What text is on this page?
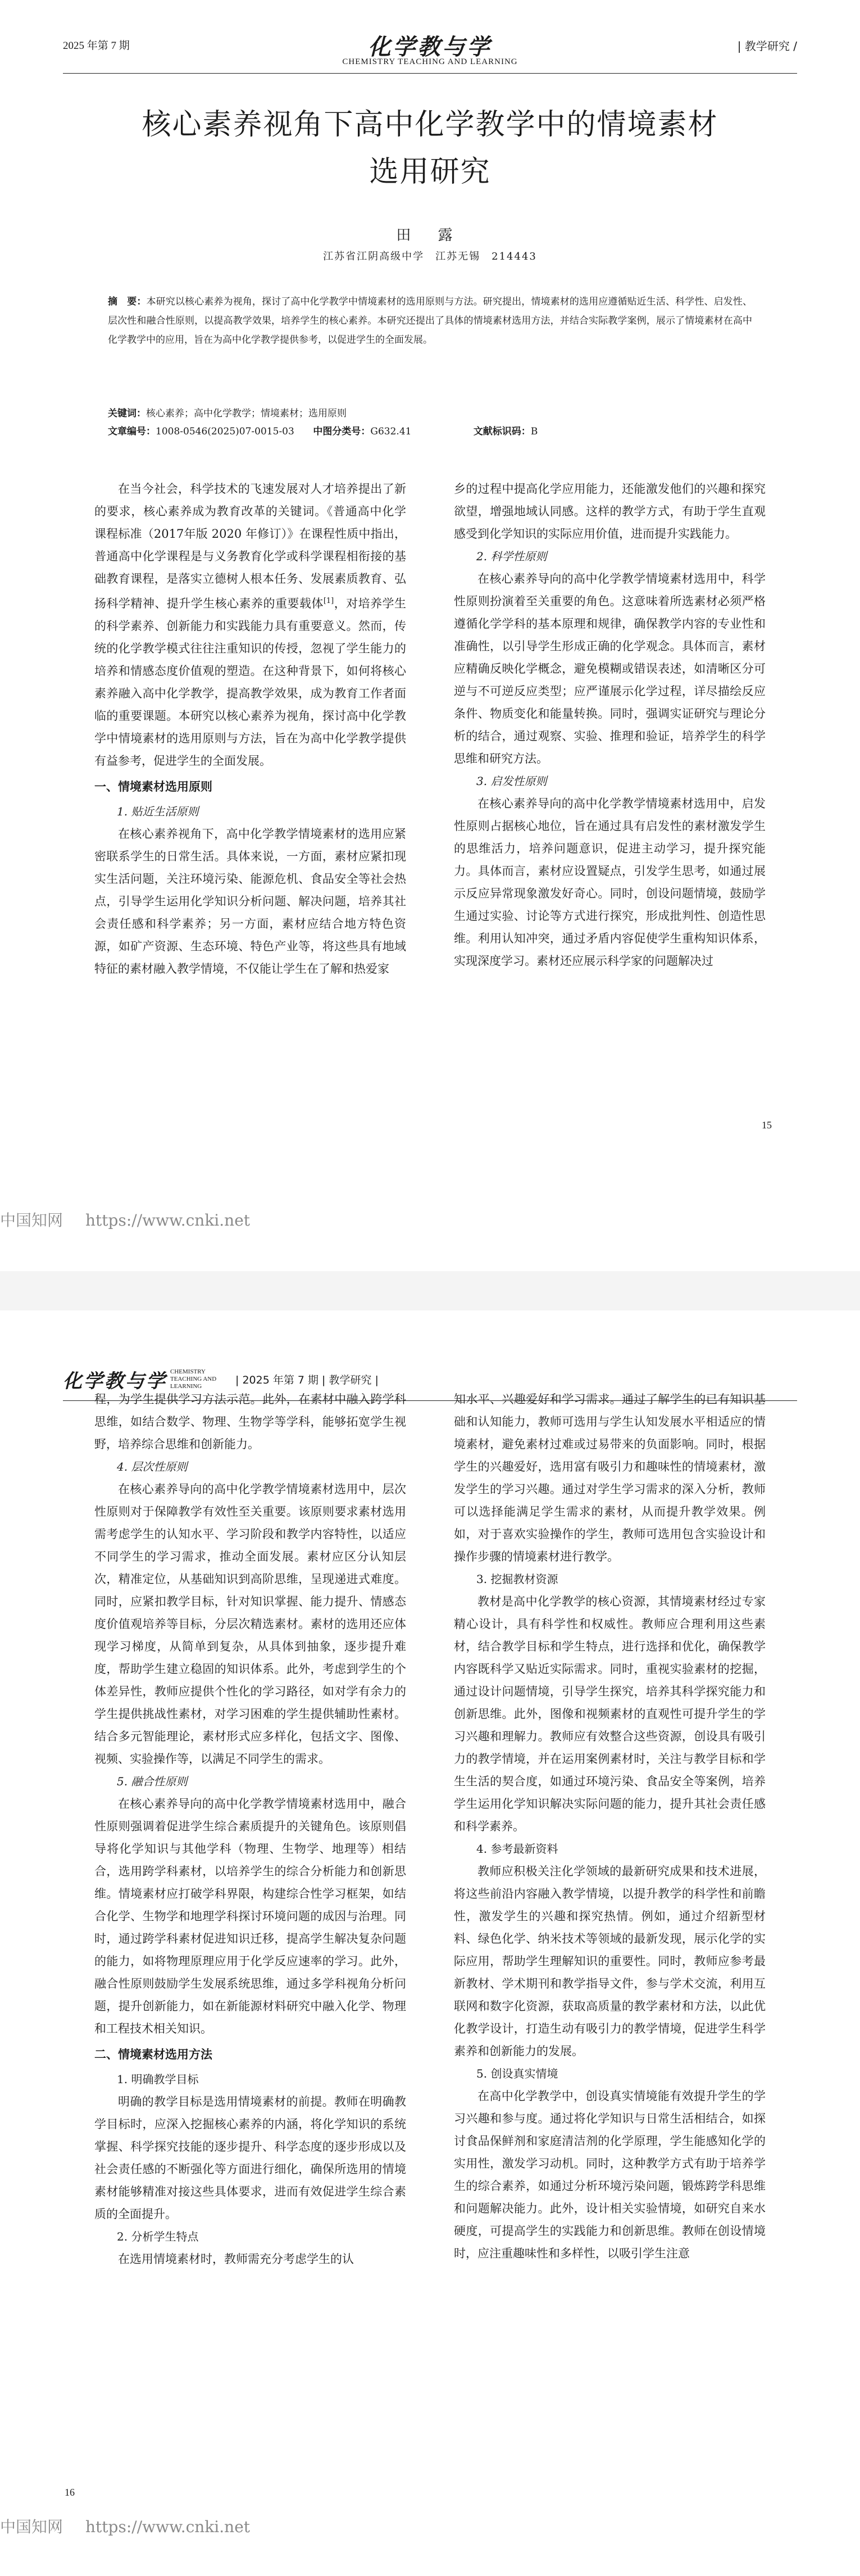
2025 年第 7 期	化学教与学
CHEMISTRY TEACHING AND LEARNING
| 教学研究 /
核心素养视角下高中化学教学中的情境素材
选用研究
田 露
江苏省江阴高级中学　江苏无锡　214443
摘　要：本研究以核心素养为视角，探讨了高中化学教学中情境素材的选用原则与方法。研究提出，情境素材的选用应遵循贴近生活、科学性、启发性、层次性和融合性原则，以提高教学效果，培养学生的核心素养。本研究还提出了具体的情境素材选用方法，并结合实际教学案例，展示了情境素材在高中化学教学中的应用，旨在为高中化学教学提供参考，以促进学生的全面发展。
关键词：核心素养；高中化学教学；情境素材；选用原则
文章编号：1008-0546(2025)07-0015-03 中图分类号：G632.41	文献标识码：B

在当今社会，科学技术的飞速发展对人才培养提出了新的要求，核心素养成为教育改革的关键词。《普通高中化学课程标准（2017年版 2020 年修订）》在课程性质中指出，普通高中化学课程是与义务教育化学或科学课程相衔接的基础教育课程，是落实立德树人根本任务、发展素质教育、弘扬科学精神、提升学生核心素养的重要载体[1]，对培养学生的科学素养、创新能力和实践能力具有重要意义。然而，传统的化学教学模式往往注重知识的传授，忽视了学生能力的培养和情感态度价值观的塑造。在这种背景下，如何将核心素养融入高中化学教学，提高教学效果，成为教育工作者面临的重要课题。本研究以核心素养为视角，探讨高中化学教学中情境素材的选用原则与方法，旨在为高中化学教学提供有益参考，促进学生的全面发展。

一、情境素材选用原则

1. 贴近生活原则

在核心素养视角下，高中化学教学情境素材的选用应紧密联系学生的日常生活。具体来说，一方面，素材应紧扣现实生活问题，关注环境污染、能源危机、食品安全等社会热点，引导学生运用化学知识分析问题、解决问题，培养其社会责任感和科学素养；另一方面，素材应结合地方特色资源，如矿产资源、生态环境、特色产业等，将这些具有地域特征的素材融入教学情境，不仅能让学生在了解和热爱家

乡的过程中提高化学应用能力，还能激发他们的兴趣和探究欲望，增强地域认同感。这样的教学方式，有助于学生直观感受到化学知识的实际应用价值，进而提升实践能力。

2. 科学性原则

在核心素养导向的高中化学教学情境素材选用中，科学性原则扮演着至关重要的角色。这意味着所选素材必须严格遵循化学学科的基本原理和规律，确保教学内容的专业性和准确性，以引导学生形成正确的化学观念。具体而言，素材应精确反映化学概念，避免模糊或错误表述，如清晰区分可逆与不可逆反应类型；应严谨展示化学过程，详尽描绘反应条件、物质变化和能量转换。同时，强调实证研究与理论分析的结合，通过观察、实验、推理和验证，培养学生的科学思维和研究方法。

3. 启发性原则

在核心素养导向的高中化学教学情境素材选用中，启发性原则占据核心地位，旨在通过具有启发性的素材激发学生的思维活力，培养问题意识，促进主动学习，提升探究能力。具体而言，素材应设置疑点，引发学生思考，如通过展示反应异常现象激发好奇心。同时，创设问题情境，鼓励学生通过实验、讨论等方式进行探究，形成批判性、创造性思维。利用认知冲突，通过矛盾内容促使学生重构知识体系，实现深度学习。素材还应展示科学家的问题解决过

15
中国知网 https://www.cnki.net
化学教与学 CHEMISTRY TEACHING AND LEARNING	| 2025 年第 7 期 | 教学研究 |

程，为学生提供学习方法示范。此外，在素材中融入跨学科思维，如结合数学、物理、生物学等学科，能够拓宽学生视野，培养综合思维和创新能力。

4. 层次性原则

在核心素养导向的高中化学教学情境素材选用中，层次性原则对于保障教学有效性至关重要。该原则要求素材选用需考虑学生的认知水平、学习阶段和教学内容特性，以适应不同学生的学习需求，推动全面发展。素材应区分认知层次，精准定位，从基础知识到高阶思维，呈现递进式难度。同时，应紧扣教学目标，针对知识掌握、能力提升、情感态度价值观培养等目标，分层次精选素材。素材的选用还应体现学习梯度，从简单到复杂，从具体到抽象，逐步提升难度，帮助学生建立稳固的知识体系。此外，考虑到学生的个体差异性，教师应提供个性化的学习路径，如对学有余力的学生提供挑战性素材，对学习困难的学生提供辅助性素材。结合多元智能理论，素材形式应多样化，包括文字、图像、视频、实验操作等，以满足不同学生的需求。

5. 融合性原则

在核心素养导向的高中化学教学情境素材选用中，融合性原则强调着促进学生综合素质提升的关键角色。该原则倡导将化学知识与其他学科（物理、生物学、地理等）相结合，选用跨学科素材，以培养学生的综合分析能力和创新思维。情境素材应打破学科界限，构建综合性学习框架，如结合化学、生物学和地理学科探讨环境问题的成因与治理。同时，通过跨学科素材促进知识迁移，提高学生解决复杂问题的能力，如将物理原理应用于化学反应速率的学习。此外，融合性原则鼓励学生发展系统思维，通过多学科视角分析问题，提升创新能力，如在新能源材料研究中融入化学、物理和工程技术相关知识。

二、情境素材选用方法

1. 明确教学目标

明确的教学目标是选用情境素材的前提。教师在明确教学目标时，应深入挖掘核心素养的内涵，将化学知识的系统掌握、科学探究技能的逐步提升、科学态度的逐步形成以及社会责任感的不断强化等方面进行细化，确保所选用的情境素材能够精准对接这些具体要求，进而有效促进学生综合素质的全面提升。

2. 分析学生特点

在选用情境素材时，教师需充分考虑学生的认

知水平、兴趣爱好和学习需求。通过了解学生的已有知识基础和认知能力，教师可选用与学生认知发展水平相适应的情境素材，避免素材过难或过易带来的负面影响。同时，根据学生的兴趣爱好，选用富有吸引力和趣味性的情境素材，激发学生的学习兴趣。通过对学生学习需求的深入分析，教师可以选择能满足学生需求的素材，从而提升教学效果。例如，对于喜欢实验操作的学生，教师可选用包含实验设计和操作步骤的情境素材进行教学。

3. 挖掘教材资源

教材是高中化学教学的核心资源，其情境素材经过专家精心设计，具有科学性和权威性。教师应合理利用这些素材，结合教学目标和学生特点，进行选择和优化，确保教学内容既科学又贴近实际需求。同时，重视实验素材的挖掘，通过设计问题情境，引导学生探究，培养其科学探究能力和创新思维。此外，图像和视频素材的直观性可提升学生的学习兴趣和理解力。教师应有效整合这些资源，创设具有吸引力的教学情境，并在运用案例素材时，关注与教学目标和学生生活的契合度，如通过环境污染、食品安全等案例，培养学生运用化学知识解决实际问题的能力，提升其社会责任感和科学素养。

4. 参考最新资料

教师应积极关注化学领域的最新研究成果和技术进展，将这些前沿内容融入教学情境，以提升教学的科学性和前瞻性，激发学生的兴趣和探究热情。例如，通过介绍新型材料、绿色化学、纳米技术等领域的最新发现，展示化学的实际应用，帮助学生理解知识的重要性。同时，教师应参考最新教材、学术期刊和教学指导文件，参与学术交流，利用互联网和数字化资源，获取高质量的教学素材和方法，以此优化教学设计，打造生动有吸引力的教学情境，促进学生科学素养和创新能力的发展。

5. 创设真实情境

在高中化学教学中，创设真实情境能有效提升学生的学习兴趣和参与度。通过将化学知识与日常生活相结合，如探讨食品保鲜剂和家庭清洁剂的化学原理，学生能感知化学的实用性，激发学习动机。同时，这种教学方式有助于培养学生的综合素养，如通过分析环境污染问题，锻炼跨学科思维和问题解决能力。此外，设计相关实验情境，如研究自来水硬度，可提高学生的实践能力和创新思维。教师在创设情境时，应注重趣味性和多样性，以吸引学生注意

16
中国知网 https://www.cnki.net
